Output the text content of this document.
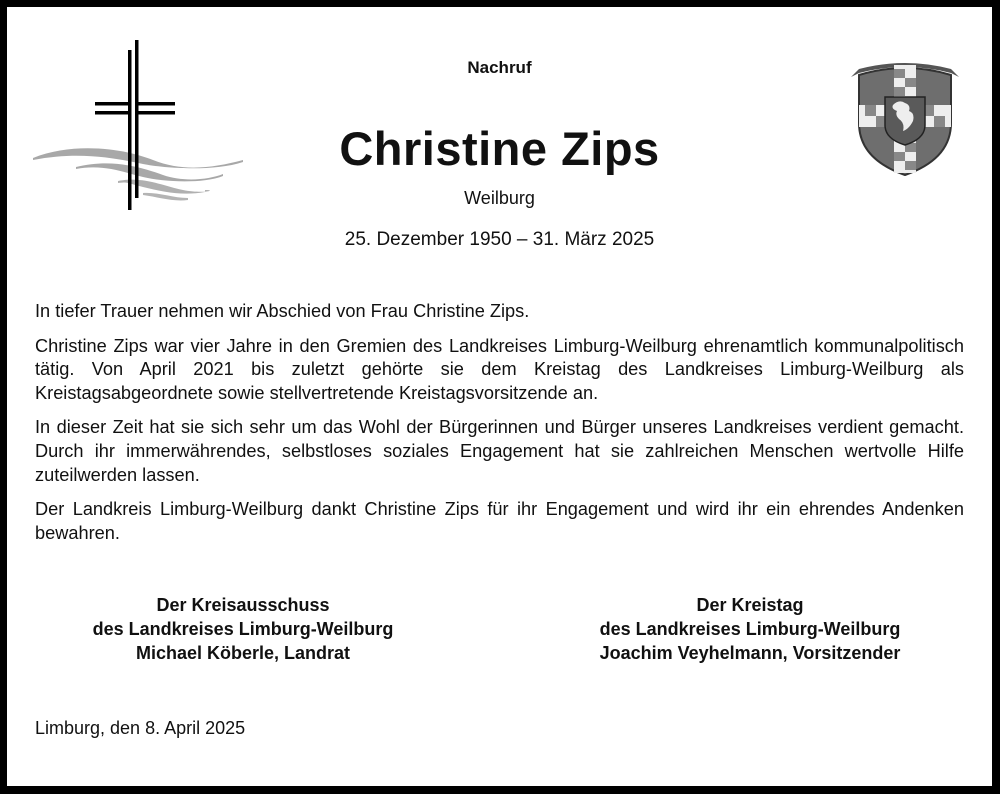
Nachruf
Christine Zips
Weilburg
25. Dezember 1950 – 31. März 2025

In tiefer Trauer nehmen wir Abschied von Frau Christine Zips.

Christine Zips war vier Jahre in den Gremien des Landkreises Limburg-Weilburg ehrenamtlich kommunalpolitisch tätig. Von April 2021 bis zuletzt gehörte sie dem Kreistag des Landkreises Limburg-Weilburg als Kreistagsabgeordnete sowie stellvertretende Kreistagsvorsitzende an.

In dieser Zeit hat sie sich sehr um das Wohl der Bürgerinnen und Bürger unseres Landkreises verdient gemacht. Durch ihr immerwährendes, selbstloses soziales Engagement hat sie zahlreichen Menschen wertvolle Hilfe zuteilwerden lassen.

Der Landkreis Limburg-Weilburg dankt Christine Zips für ihr Engagement und wird ihr ein ehrendes Andenken bewahren.

Der Kreisausschuss
des Landkreises Limburg-Weilburg
Michael Köberle, Landrat
Der Kreistag
des Landkreises Limburg-Weilburg
Joachim Veyhelmann, Vorsitzender
Limburg, den 8. April 2025
